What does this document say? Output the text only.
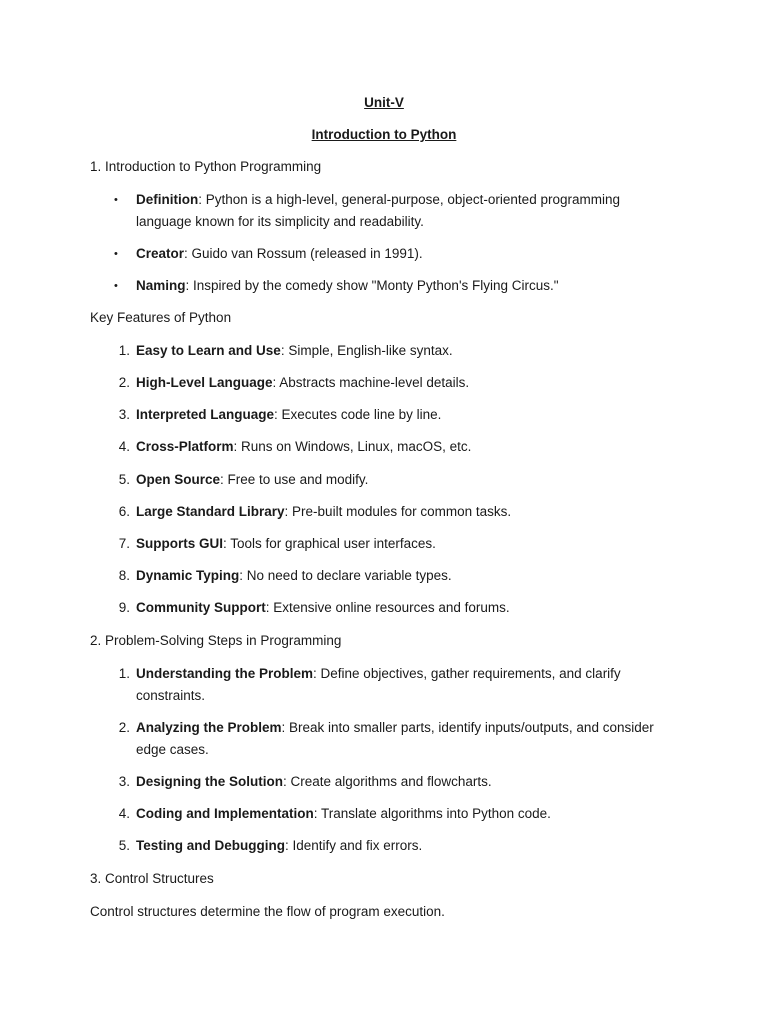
Unit-V
Introduction to Python
1. Introduction to Python Programming
• Definition: Python is a high-level, general-purpose, object-oriented programming language known for its simplicity and readability.
• Creator: Guido van Rossum (released in 1991).
• Naming: Inspired by the comedy show "Monty Python's Flying Circus."
Key Features of Python
1. Easy to Learn and Use: Simple, English-like syntax.
2. High-Level Language: Abstracts machine-level details.
3. Interpreted Language: Executes code line by line.
4. Cross-Platform: Runs on Windows, Linux, macOS, etc.
5. Open Source: Free to use and modify.
6. Large Standard Library: Pre-built modules for common tasks.
7. Supports GUI: Tools for graphical user interfaces.
8. Dynamic Typing: No need to declare variable types.
9. Community Support: Extensive online resources and forums.
2. Problem-Solving Steps in Programming
1. Understanding the Problem: Define objectives, gather requirements, and clarify constraints.
2. Analyzing the Problem: Break into smaller parts, identify inputs/outputs, and consider edge cases.
3. Designing the Solution: Create algorithms and flowcharts.
4. Coding and Implementation: Translate algorithms into Python code.
5. Testing and Debugging: Identify and fix errors.
3. Control Structures
Control structures determine the flow of program execution.
